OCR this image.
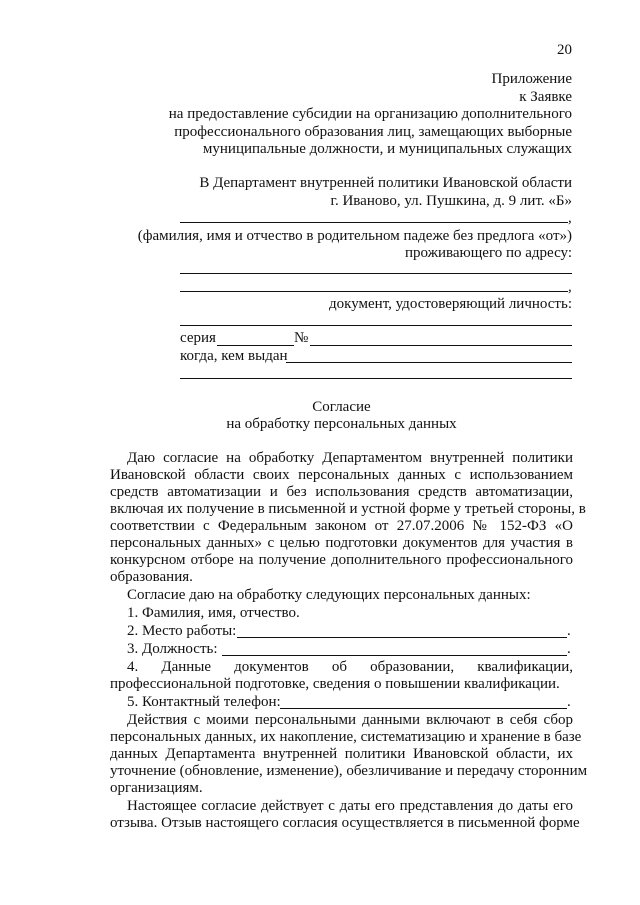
20
Приложение
к Заявке
на предоставление субсидии на организацию дополнительного
профессионального образования лиц, замещающих выборные
муниципальные должности, и муниципальных служащих
В Департамент внутренней политики Ивановской области
г. Иваново, ул. Пушкина, д. 9 лит. «Б»
,
(фамилия, имя и отчество в родительном падеже без предлога «от»)
проживающего по адресу:
,
документ, удостоверяющий личность:
серия	№
когда, кем выдан
Согласие
на обработку персональных данных
Даю согласие на обработку Департаментом внутренней политики
Ивановской области своих персональных данных с использованием
средств автоматизации и без использования средств автоматизации,
включая их получение в письменной и устной форме у третьей стороны, в
соответствии с Федеральным законом от 27.07.2006 № 152-ФЗ «О
персональных данных» с целью подготовки документов для участия в
конкурсном отборе на получение дополнительного профессионального
образования.
Согласие даю на обработку следующих персональных данных:
1. Фамилия, имя, отчество.
2. Место работы:	.
3. Должность:	.
4. Данные документов об образовании, квалификации,
профессиональной подготовке, сведения о повышении квалификации.
5. Контактный телефон:	.
Действия с моими персональными данными включают в себя сбор
персональных данных, их накопление, систематизацию и хранение в базе
данных Департамента внутренней политики Ивановской области, их
уточнение (обновление, изменение), обезличивание и передачу сторонним
организациям.
Настоящее согласие действует с даты его представления до даты его
отзыва. Отзыв настоящего согласия осуществляется в письменной форме
